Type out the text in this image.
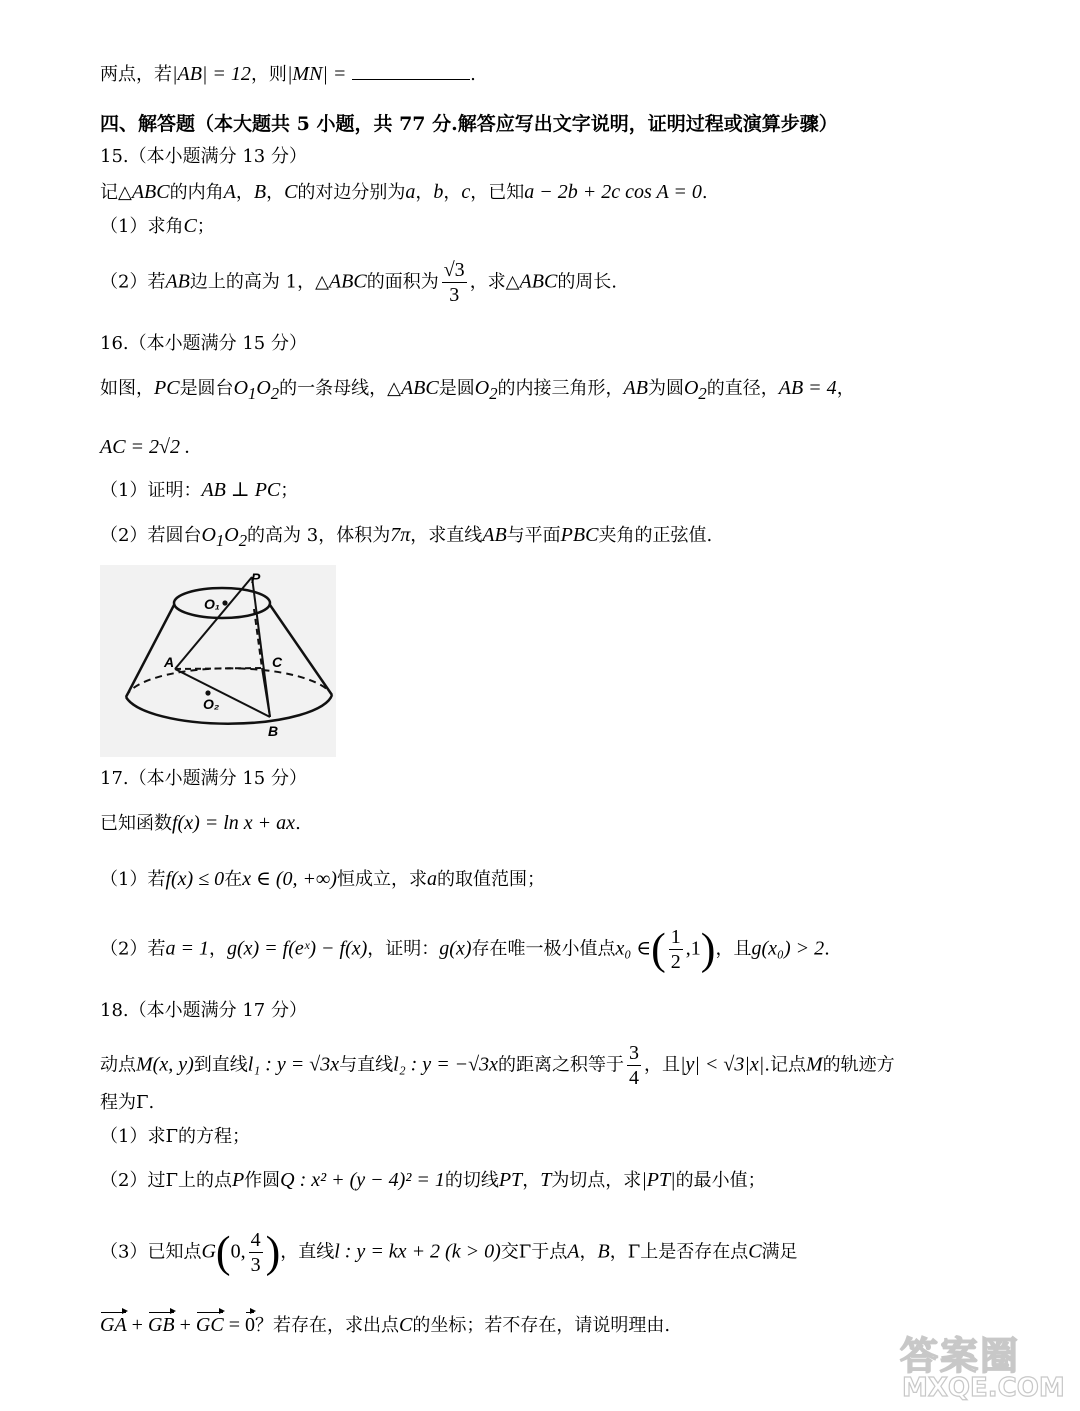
两点，若|AB| = 12，则|MN| =	.
四、解答题（本大题共 5 小题，共 77 分.解答应写出文字说明，证明过程或演算步骤）
15.（本小题满分 13 分）
记△ABC的内角A，B，C的对边分别为a，b，c，已知a − 2b + 2c cos A = 0.
（1）求角C；
（2）若AB边上的高为 1，△ABC的面积为 $\frac{√3}{3}$ ，求△ABC的周长.
16.（本小题满分 15 分）
如图，PC是圆台$O_1O_2$的一条母线，△ABC是圆$O_2$的内接三角形，AB为圆$O_2$的直径，AB = 4，
AC = 2√2 .
（1）证明：AB ⊥ PC；
（2）若圆台$O_1O_2$的高为 3，体积为7π，求直线AB与平面PBC夹角的正弦值.
P
O₁
A	C
O₂
B
17.（本小题满分 15 分）
已知函数f(x) = ln x + ax.
（1）若f(x) ≤ 0在x ∈ (0, +∞)恒成立，求a的取值范围；
（2）若a = 1，g(x) = f(eˣ) − f(x)，证明：g(x)存在唯一极小值点x₀ ∈( $\frac{1}{2} ,1$)，且g(x₀) > 2.
18.（本小题满分 17 分）
动点M(x, y)到直线l₁ : y = √3x与直线l₂ : y = −√3x的距离之积等于 $\frac{3}{4}$ ，且|y| < √3|x|.记点M的轨迹方
程为Γ.
（1）求Γ的方程；
（2）过Γ上的点P作圆Q : x² + (y − 4)² = 1的切线PT，T为切点，求|PT|的最小值；
（3）已知点G(0, $\frac{4}{3}$ )，直线l : y = kx + 2 (k > 0)交Γ于点A，B，Γ上是否存在点C满足
GA + GB + GC = 0？若存在，求出点C的坐标；若不存在，请说明理由.
答案圈
MXQE.COM
